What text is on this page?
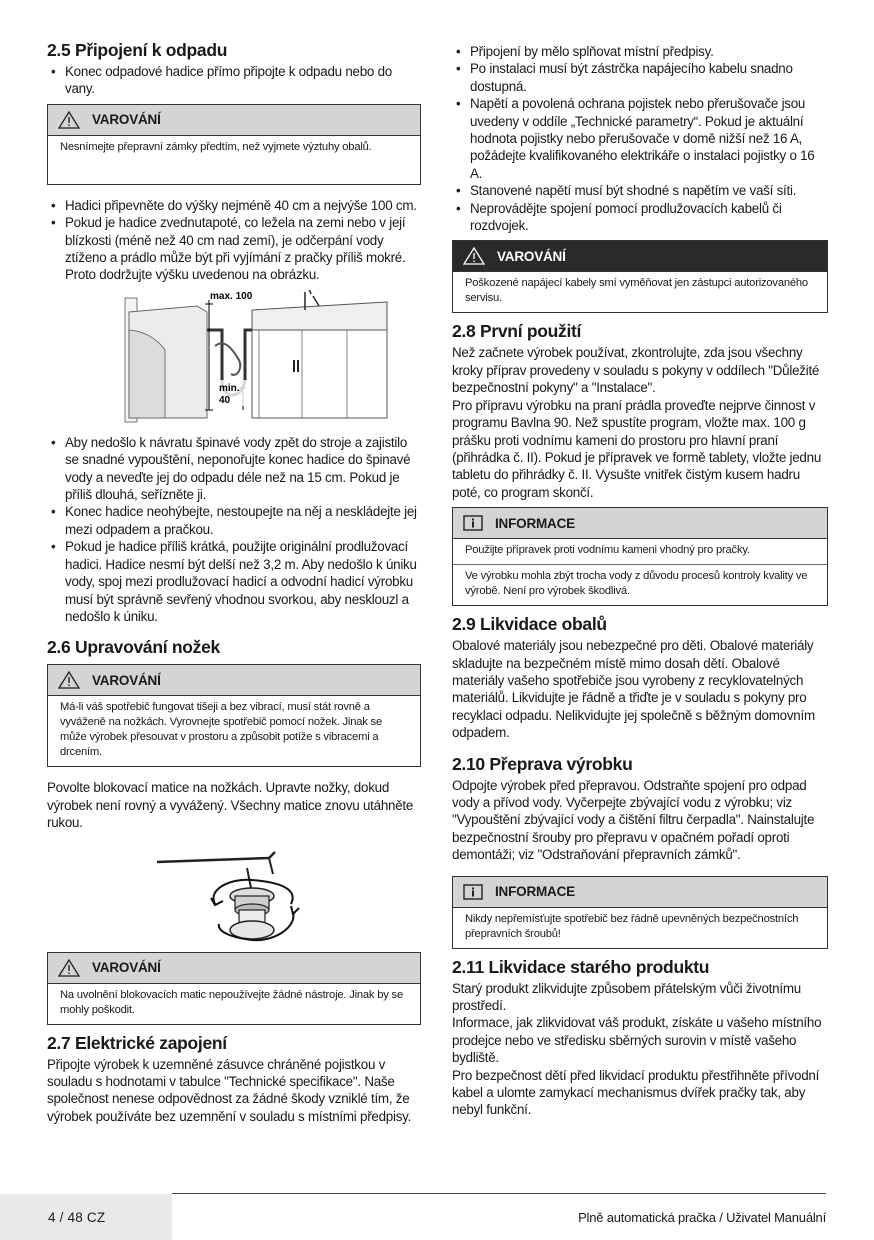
2.5 Připojení k odpadu
• Konec odpadové hadice přímo připojte k odpadu nebo do vany.
VAROVÁNÍ
Nesnímejte přepravní zámky předtím, než vyjmete výztuhy obalů.
• Hadici připevněte do výšky nejméně 40 cm a nejvýše 100 cm.
• Pokud je hadice zvednutapoté, co ležela na zemi nebo v její blízkosti (méně než 40 cm nad zemí), je odčerpání vody ztíženo a prádlo může být při vyjímání z pračky příliš mokré. Proto dodržujte výšku uvedenou na obrázku.
max. 100
min.
40
• Aby nedošlo k návratu špinavé vody zpět do stroje a zajistilo se snadné vypouštění, neponořujte konec hadice do špinavé vody a neveďte jej do odpadu déle než na 15 cm. Pokud je příliš dlouhá, seřízněte ji.
• Konec hadice neohýbejte, nestoupejte na něj a neskládejte jej mezi odpadem a pračkou.
• Pokud je hadice příliš krátká, použijte originální prodlužovací hadici. Hadice nesmí být delší než 3,2 m. Aby nedošlo k úniku vody, spoj mezi prodlužovací hadicí a odvodní hadicí výrobku musí být správně sevřený vhodnou svorkou, aby nesklouzl a nedošlo k úniku.
2.6 Upravování nožek
VAROVÁNÍ
Má-li váš spotřebič fungovat tišeji a bez vibrací, musí stát rovně a vyváženě na nožkách. Vyrovnejte spotřebič pomocí nožek. Jinak se může výrobek přesouvat v prostoru a způsobit potíže s vibracemi a drcením.

Povolte blokovací matice na nožkách. Upravte nožky, dokud výrobek není rovný a vyvážený. Všechny matice znovu utáhněte rukou.

VAROVÁNÍ
Na uvolnění blokovacích matic nepoužívejte žádné nástroje. Jinak by se mohly poškodit.
2.7 Elektrické zapojení

Připojte výrobek k uzemněné zásuvce chráněné pojistkou v souladu s hodnotami v tabulce "Technické specifikace". Naše společnost nenese odpovědnost za žádné škody vzniklé tím, že výrobek používáte bez uzemnění v souladu s místními předpisy.

• Připojení by mělo splňovat místní předpisy.
• Po instalaci musí být zástrčka napájecího kabelu snadno dostupná.
• Napětí a povolená ochrana pojistek nebo přerušovače jsou uvedeny v oddíle „Technické parametry“. Pokud je aktuální hodnota pojistky nebo přerušovače v domě nižší než 16 A, požádejte kvalifikovaného elektrikáře o instalaci pojistky o 16 A.
• Stanovené napětí musí být shodné s napětím ve vaší síti.
• Neprovádějte spojení pomocí prodlužovacích kabelů či rozdvojek.
VAROVÁNÍ
Poškozené napájecí kabely smí vyměňovat jen zástupci autorizovaného servisu.
2.8 První použití

Než začnete výrobek používat, zkontrolujte, zda jsou všechny kroky příprav provedeny v souladu s pokyny v oddílech "Důležité bezpečnostní pokyny" a "Instalace".

Pro přípravu výrobku na praní prádla proveďte nejprve činnost v programu Bavlna 90. Než spustíte program, vložte max. 100 g prášku proti vodnímu kameni do prostoru pro hlavní praní (přihrádka č. II). Pokud je přípravek ve formě tablety, vložte jednu tabletu do přihrádky č. II. Vysušte vnitřek čistým kusem hadru poté, co program skončí.

INFORMACE
Použijte přípravek proti vodnímu kameni vhodný pro pračky.
Ve výrobku mohla zbýt trocha vody z důvodu procesů kontroly kvality ve výrobě. Není pro výrobek škodlivá.
2.9 Likvidace obalů

Obalové materiály jsou nebezpečné pro děti. Obalové materiály skladujte na bezpečném místě mimo dosah dětí. Obalové materiály vašeho spotřebiče jsou vyrobeny z recyklovatelných materiálů. Likvidujte je řádně a třiďte je v souladu s pokyny pro recyklaci odpadu. Nelikvidujte jej společně s běžným domovním odpadem.

2.10 Přeprava výrobku

Odpojte výrobek před přepravou. Odstraňte spojení pro odpad vody a přívod vody. Vyčerpejte zbývající vodu z výrobku; viz "Vypouštění zbývající vody a čištění filtru čerpadla". Nainstalujte bezpečnostní šrouby pro přepravu v opačném pořadí oproti demontáži; viz "Odstraňování přepravních zámků".

INFORMACE
Nikdy nepřemísťujte spotřebič bez řádně upevněných bezpečnostních přepravních šroubů!
2.11 Likvidace starého produktu

Starý produkt zlikvidujte způsobem přátelským vůči životnímu prostředí.

Informace, jak zlikvidovat váš produkt, získáte u vašeho místního prodejce nebo ve středisku sběrných surovin v místě vašeho bydliště.

Pro bezpečnost dětí před likvidací produktu přestřihněte přívodní kabel a ulomte zamykací mechanismus dvířek pračky tak, aby nebyl funkční.

4 / 48 CZ	Plně automatická pračka / Uživatel Manuální
